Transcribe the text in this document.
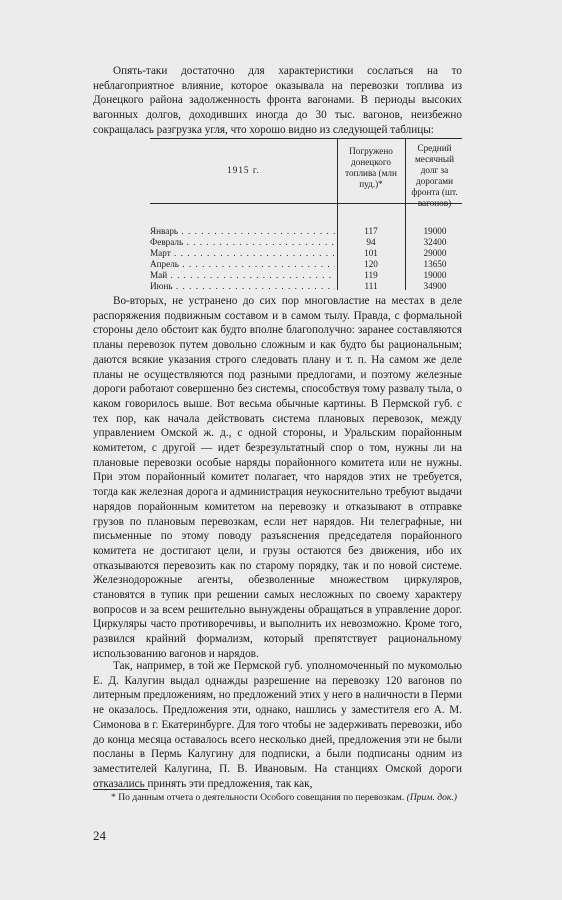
Опять-таки достаточно для характеристики сослаться на то неблагоприятное влияние, которое оказывала на перевозки топлива из Донецкого района задолженность фронта вагонами. В периоды высоких вагонных долгов, доходивших иногда до 30 тыс. вагонов, неизбежно сокращалась разгрузка угля, что хорошо видно из следующей таблицы:

1915 г.
Погружено донецкого топлива (млн пуд.)*
Средний месячный долг за дорогами фронта (шт. вагонов)
Январь . . .	117	19000
Февраль . . .	94	32400
Март . . .	101	29000
Апрель . . .	120	13650
Май . . .	119	19000
Июнь . . .	111	34900

Во-вторых, не устранено до сих пор многовластие на местах в деле распоряжения подвижным составом и в самом тылу. Правда, с формальной стороны дело обстоит как будто вполне благополучно: заранее составляются планы перевозок путем довольно сложным и как будто бы рациональным; даются всякие указания строго следовать плану и т. п. На самом же деле планы не осуществляются под разными предлогами, и поэтому железные дороги работают совершенно без системы, способствуя тому развалу тыла, о каком говорилось выше. Вот весьма обычные картины. В Пермской губ. с тех пор, как начала действовать система плановых перевозок, между управлением Омской ж. д., с одной стороны, и Уральским порайонным комитетом, с другой — идет безрезультатный спор о том, нужны ли на плановые перевозки особые наряды порайонного комитета или не нужны. При этом порайонный комитет полагает, что нарядов этих не требуется, тогда как железная дорога и администрация неукоснительно требуют выдачи нарядов порайонным комитетом на перевозку и отказывают в отправке грузов по плановым перевозкам, если нет нарядов. Ни телеграфные, ни письменные по этому поводу разъяснения председателя порайонного комитета не достигают цели, и грузы остаются без движения, ибо их отказываются перевозить как по старому порядку, так и по новой системе. Железнодорожные агенты, обезволенные множеством циркуляров, становятся в тупик при решении самых несложных по своему характеру вопросов и за всем решительно вынуждены обращаться в управление дорог. Циркуляры часто противоречивы, и выполнить их невозможно. Кроме того, развился крайний формализм, который препятствует рациональному использованию вагонов и нарядов.

Так, например, в той же Пермской губ. уполномоченный по мукомолью Е. Д. Калугин выдал однажды разрешение на перевозку 120 вагонов по литерным предложениям, но предложений этих у него в наличности в Перми не оказалось. Предложения эти, однако, нашлись у заместителя его А. М. Симонова в г. Екатеринбурге. Для того чтобы не задерживать перевозки, ибо до конца месяца оставалось всего несколько дней, предложения эти не были посланы в Пермь Калугину для подписки, а были подписаны одним из заместителей Калугина, П. В. Ивановым. На станциях Омской дороги отказались принять эти предложения, так как,

* По данным отчета о деятельности Особого совещания по перевозкам. (Прим. док.)
24
